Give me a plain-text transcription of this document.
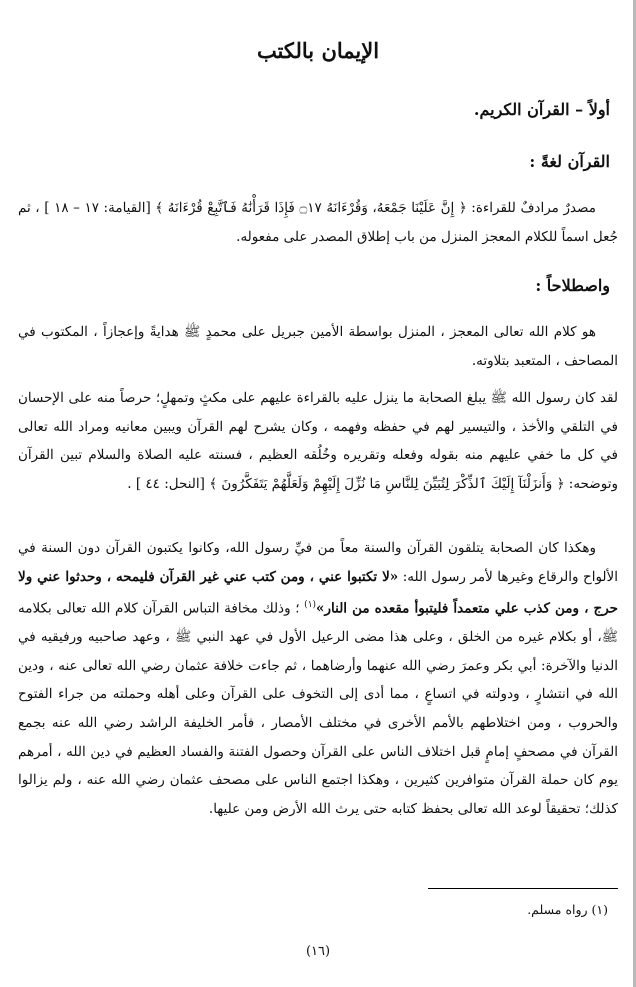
الإيمان بالكتب
أولاً – القرآن الكريم.
القرآن لغةً :

مصدرٌ مرادفٌ للقراءة: ﴿ إِنَّ عَلَيْنَا جَمْعَهُ، وَقُرْءَانَهُ ۝١٧ فَإِذَا قَرَأْنَٰهُ فَٱتَّبِعْ قُرْءَانَهُ ﴾ [القيامة: ١٧ – ١٨ ] ، ثم جُعل اسماً للكلام المعجز المنزل من باب إطلاق المصدر على مفعوله.

واصطلاحاً :

هو كلام الله تعالى المعجز ، المنزل بواسطة الأمين جبريل على محمدٍ ﷺ هدايةً وإعجازاً ، المكتوب في المصاحف ، المتعبد بتلاوته.

لقد كان رسول الله ﷺ يبلغ الصحابة ما ينزل عليه بالقراءة عليهم على مكثٍ وتمهلٍ؛ حرصاً منه على الإحسان في التلقي والأخذ ، والتيسير لهم في حفظه وفهمه ، وكان يشرح لهم القرآن ويبين معانيه ومراد الله تعالى في كل ما خفي عليهم منه بقوله وفعله وتقريره وخُلُقه العظيم ، فسنته عليه الصلاة والسلام تبين القرآن وتوضحه: ﴿ وَأَنزَلْنَآ إِلَيْكَ ٱلذِّكْرَ لِتُبَيِّنَ لِلنَّاسِ مَا نُزِّلَ إِلَيْهِمْ وَلَعَلَّهُمْ يَتَفَكَّرُونَ ﴾ [النحل: ٤٤ ] .

وهكذا كان الصحابة يتلقون القرآن والسنة معاً من فيِّ رسول الله، وكانوا يكتبون القرآن دون السنة في الألواح والرقاع وغيرها لأمر رسول الله: «لا تكتبوا عني ، ومن كتب عني غير القرآن فليمحه ، وحدثوا عني ولا حرج ، ومن كذب علي متعمداً فليتبوأ مقعده من النار»$^{(١)}$ ؛ وذلك مخافة التباس القرآن كلام الله تعالى بكلامه ﷺ، أو بكلام غيره من الخلق ، وعلى هذا مضى الرعيل الأول في عهد النبي ﷺ ، وعهد صاحبيه ورفيقيه في الدنيا والآخرة: أبي بكر وعمرَ رضي الله عنهما وأرضاهما ، ثم جاءت خلافة عثمان رضي الله تعالى عنه ، ودين الله في انتشارٍ ، ودولته في اتساعٍ ، مما أدى إلى التخوف على القرآن وعلى أهله وحملته من جراء الفتوح والحروب ، ومن اختلاطهم بالأمم الأخرى في مختلف الأمصار ، فأمر الخليفة الراشد رضي الله عنه بجمع القرآن في مصحفٍ إمامٍ قبل اختلاف الناس على القرآن وحصول الفتنة والفساد العظيم في دين الله ، أمرهم يوم كان حملة القرآن متوافرين كثيرين ، وهكذا اجتمع الناس على مصحف عثمان رضي الله عنه ، ولم يزالوا كذلك؛ تحقيقاً لوعد الله تعالى بحفظ كتابه حتى يرث الله الأرض ومن عليها.

(١) رواه مسلم.

(١٦)
